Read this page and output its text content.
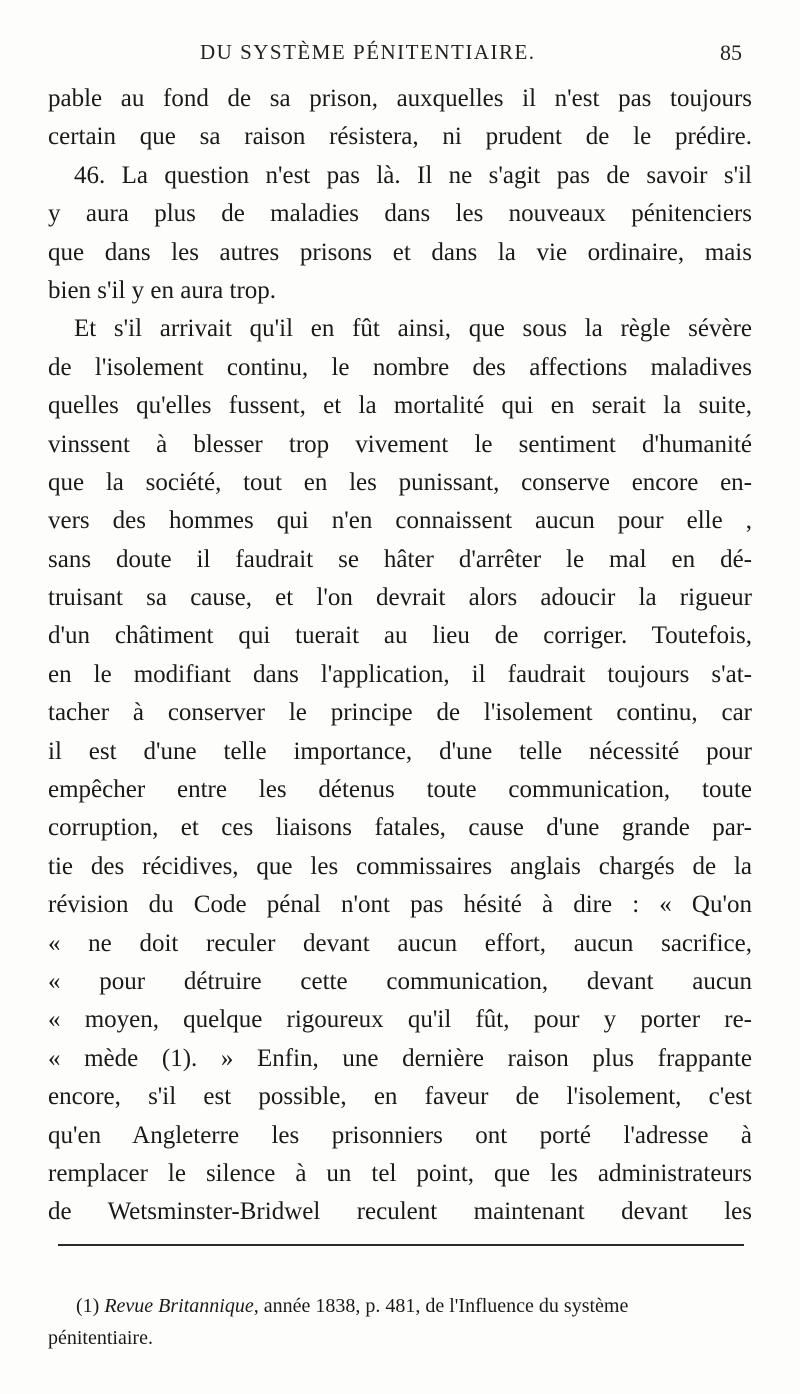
DU SYSTÈME PÉNITENTIAIRE.	85
pable au fond de sa prison, auxquelles il n'est pas toujours
certain que sa raison résistera, ni prudent de le prédire.
46. La question n'est pas là. Il ne s'agit pas de savoir s'il
y aura plus de maladies dans les nouveaux pénitenciers
que dans les autres prisons et dans la vie ordinaire, mais
bien s'il y en aura trop.
Et s'il arrivait qu'il en fût ainsi, que sous la règle sévère
de l'isolement continu, le nombre des affections maladives
quelles qu'elles fussent, et la mortalité qui en serait la suite,
vinssent à blesser trop vivement le sentiment d'humanité
que la société, tout en les punissant, conserve encore en-
vers des hommes qui n'en connaissent aucun pour elle ,
sans doute il faudrait se hâter d'arrêter le mal en dé-
truisant sa cause, et l'on devrait alors adoucir la rigueur
d'un châtiment qui tuerait au lieu de corriger. Toutefois,
en le modifiant dans l'application, il faudrait toujours s'at-
tacher à conserver le principe de l'isolement continu, car
il est d'une telle importance, d'une telle nécessité pour
empêcher entre les détenus toute communication, toute
corruption, et ces liaisons fatales, cause d'une grande par-
tie des récidives, que les commissaires anglais chargés de la
révision du Code pénal n'ont pas hésité à dire : « Qu'on
« ne doit reculer devant aucun effort, aucun sacrifice,
« pour détruire cette communication, devant aucun
« moyen, quelque rigoureux qu'il fût, pour y porter re-
« mède (1). » Enfin, une dernière raison plus frappante
encore, s'il est possible, en faveur de l'isolement, c'est
qu'en Angleterre les prisonniers ont porté l'adresse à
remplacer le silence à un tel point, que les administrateurs
de Wetsminster-Bridwel reculent maintenant devant les
(1) Revue Britannique, année 1838, p. 481, de l'Influence du système
pénitentiaire.
